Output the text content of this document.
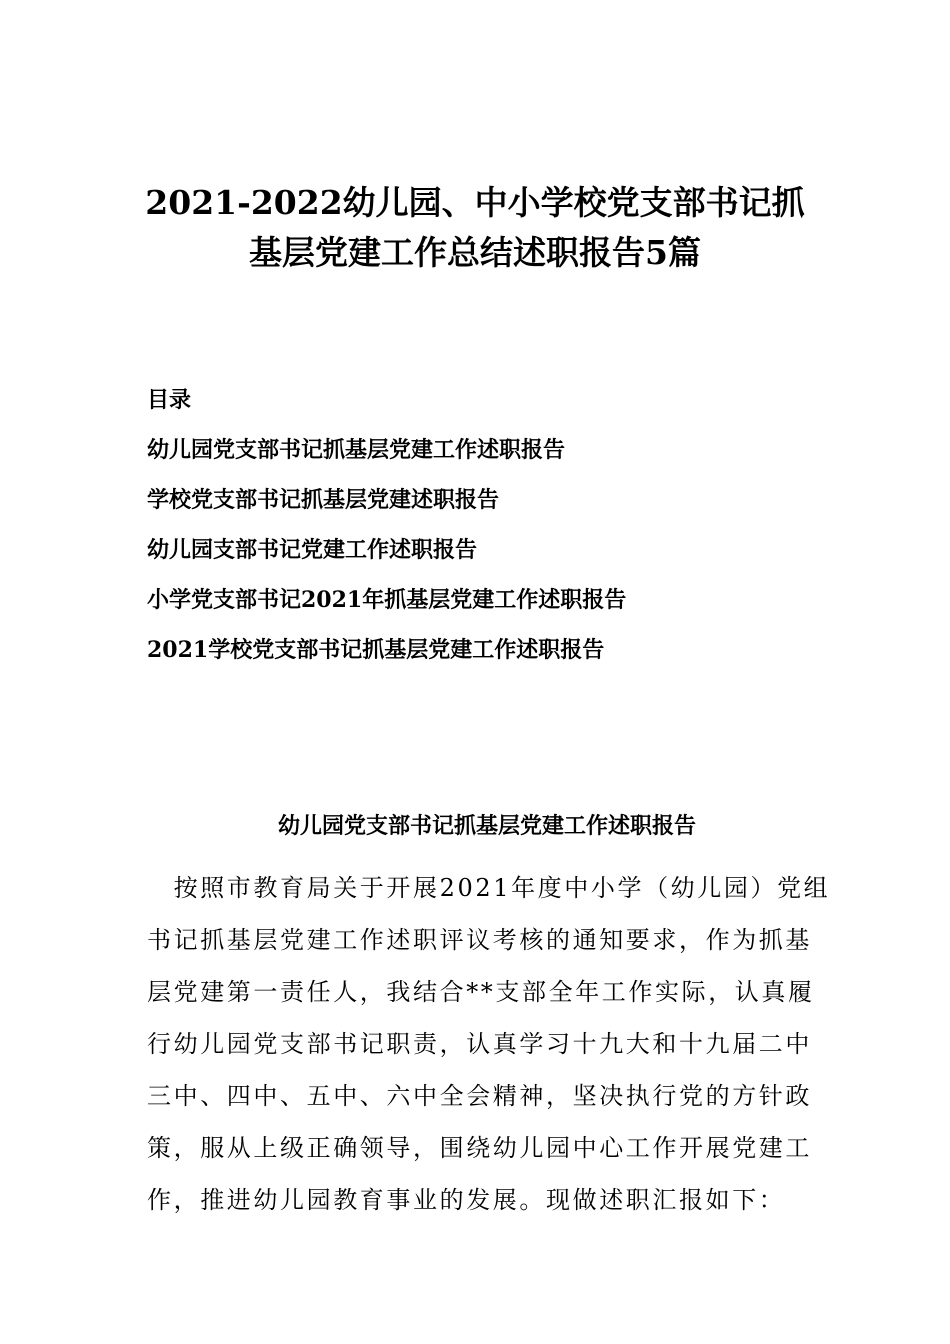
2021-2022幼儿园、中小学校党支部书记抓
基层党建工作总结述职报告5篇
目录
幼儿园党支部书记抓基层党建工作述职报告
学校党支部书记抓基层党建述职报告
幼儿园支部书记党建工作述职报告
小学党支部书记2021年抓基层党建工作述职报告
2021学校党支部书记抓基层党建工作述职报告
幼儿园党支部书记抓基层党建工作述职报告
　按照市教育局关于开展2021年度中小学（幼儿园）党组
书记抓基层党建工作述职评议考核的通知要求，作为抓基
层党建第一责任人，我结合**支部全年工作实际，认真履
行幼儿园党支部书记职责，认真学习十九大和十九届二中
三中、四中、五中、六中全会精神，坚决执行党的方针政
策，服从上级正确领导，围绕幼儿园中心工作开展党建工
作，推进幼儿园教育事业的发展。现做述职汇报如下：
